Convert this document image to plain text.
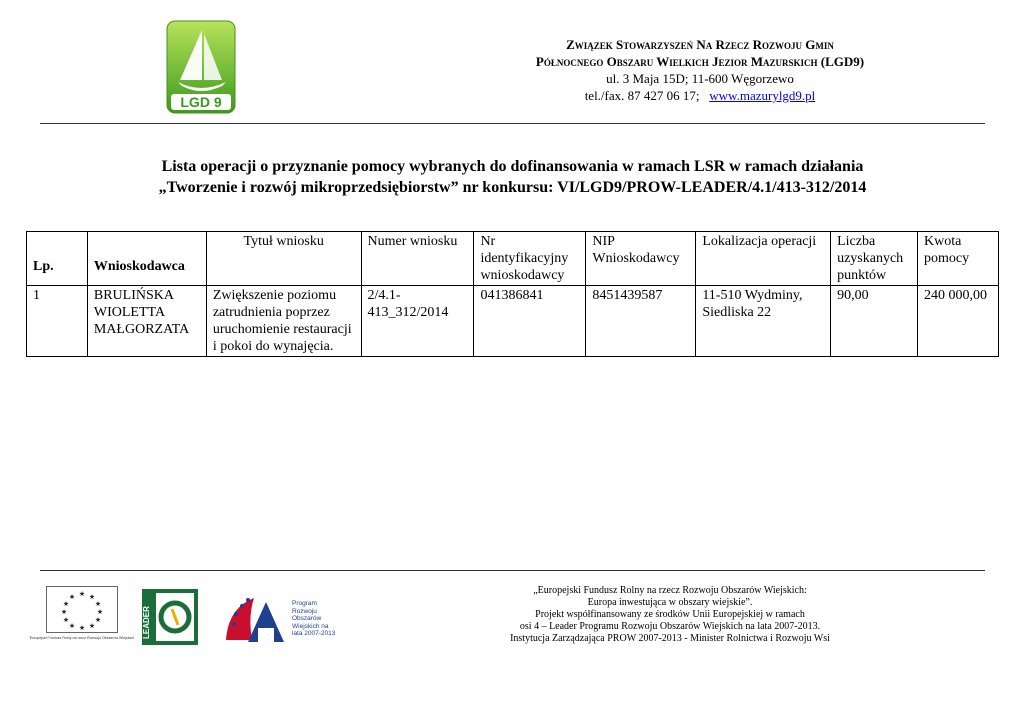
LGD 9
Związek Stowarzyszeń Na Rzecz Rozwoju Gmin
Północnego Obszaru Wielkich Jezior Mazurskich (LGD9)
ul. 3 Maja 15D; 11-600 Węgorzewo
tel./fax. 87 427 06 17; www.mazurylgd9.pl
Lista operacji o przyznanie pomocy wybranych do dofinansowania w ramach LSR w ramach działania
„Tworzenie i rozwój mikroprzedsiębiorstw” nr konkursu: VI/LGD9/PROW-LEADER/4.1/413-312/2014
Lp.	Wnioskodawca	Tytuł wniosku	Numer wniosku	Nr identyfikacyjny wnioskodawcy	NIP Wnioskodawcy	Lokalizacja operacji	Liczba uzyskanych punktów	Kwota pomocy
1	BRULIŃSKA WIOLETTA MAŁGORZATA	Zwiększenie poziomu zatrudnienia poprzez uruchomienie restauracji i pokoi do wynajęcia.	2/4.1-413_312/2014	041386841	8451439587	11-510 Wydminy, Siedliska 22	90,00	240 000,00
★ ★
★
★
★
★
★
★
★
★
★
★
Europejski Fundusz Rolny na rzecz Rozwoju Obszarów Wiejskich LEADER
Program Rozwoju Obszarów Wiejskich na lata 2007-2013
„Europejski Fundusz Rolny na rzecz Rozwoju Obszarów Wiejskich:
Europa inwestująca w obszary wiejskie”.
Projekt współfinansowany ze środków Unii Europejskiej w ramach
osi 4 – Leader Programu Rozwoju Obszarów Wiejskich na lata 2007-2013.
Instytucja Zarządzająca PROW 2007-2013 - Minister Rolnictwa i Rozwoju Wsi
